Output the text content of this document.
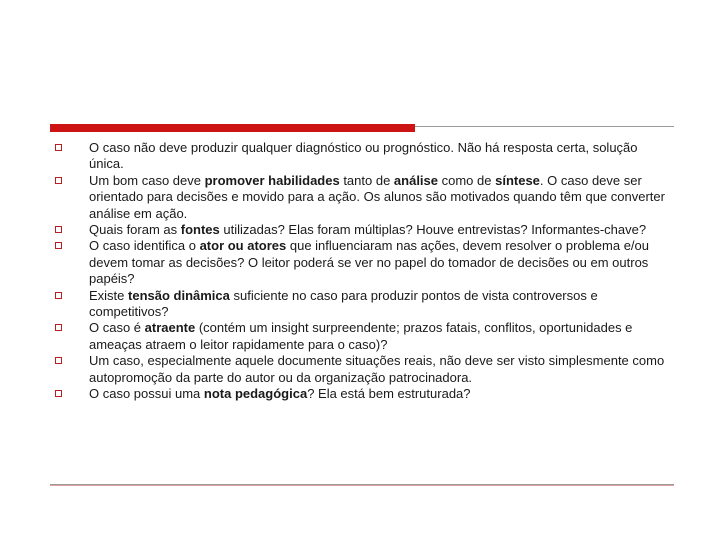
O caso não deve produzir qualquer diagnóstico ou prognóstico. Não há resposta certa, solução única.
Um bom caso deve promover habilidades tanto de análise como de síntese. O caso deve ser orientado para decisões e movido para a ação. Os alunos são motivados quando têm que converter análise em ação.
Quais foram as fontes utilizadas? Elas foram múltiplas? Houve entrevistas? Informantes-chave?
O caso identifica o ator ou atores que influenciaram nas ações, devem resolver o problema e/ou devem tomar as decisões? O leitor poderá se ver no papel do tomador de decisões ou em outros papéis?
Existe tensão dinâmica suficiente no caso para produzir pontos de vista controversos e competitivos?
O caso é atraente (contém um insight surpreendente; prazos fatais, conflitos, oportunidades e ameaças atraem o leitor rapidamente para o caso)?
Um caso, especialmente aquele documente situações reais, não deve ser visto simplesmente como autopromoção da parte do autor ou da organização patrocinadora.
O caso possui uma nota pedagógica? Ela está bem estruturada?
